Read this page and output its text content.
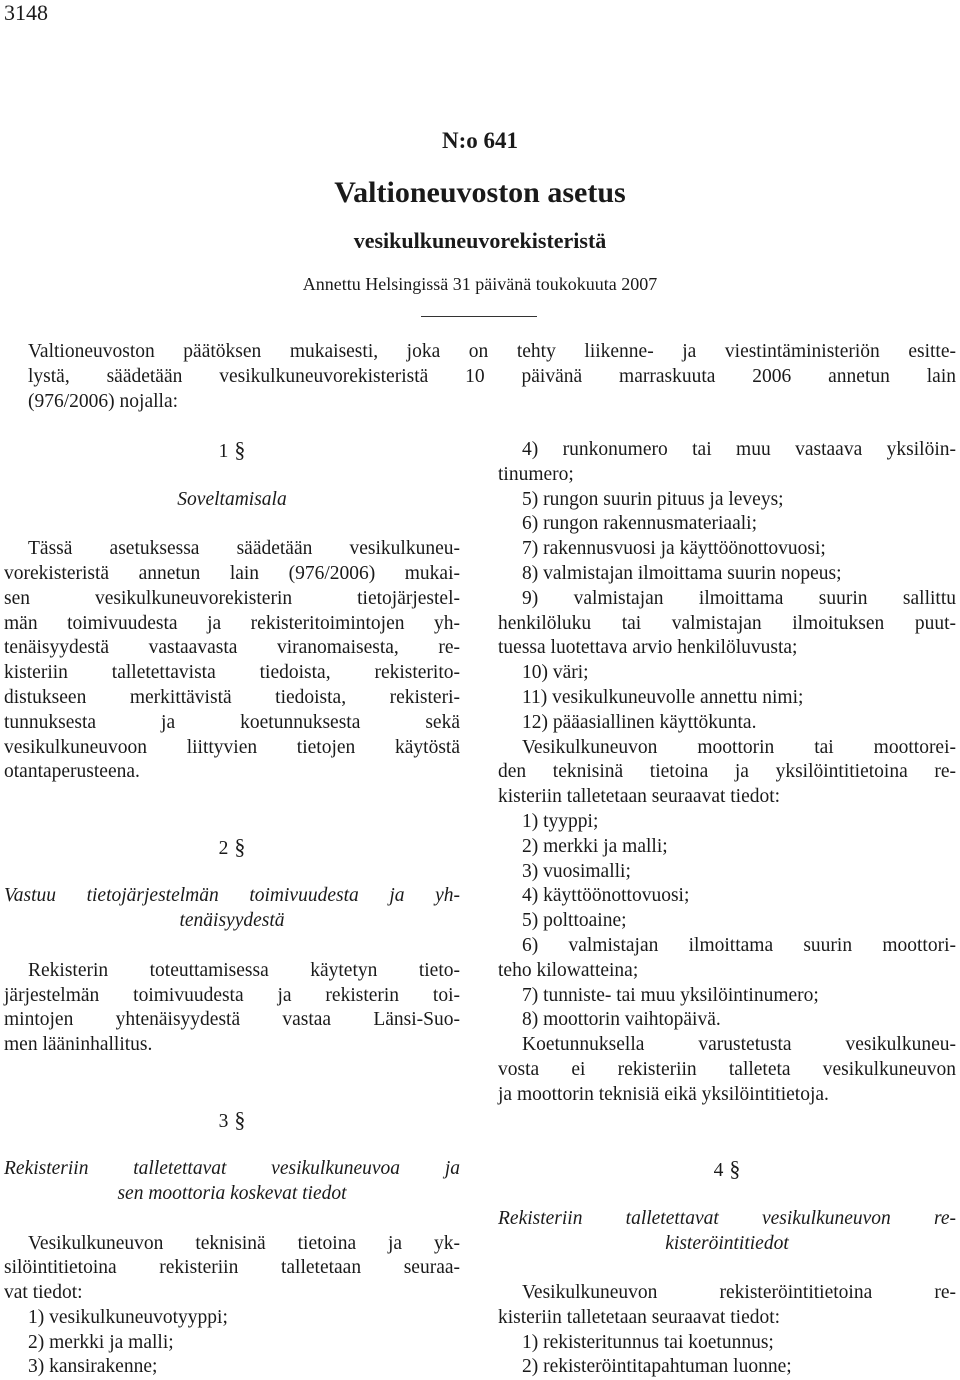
3148
N:o 641
Valtioneuvoston asetus
vesikulkuneuvorekisteristä
Annettu Helsingissä 31 päivänä toukokuuta 2007
Valtioneuvoston päätöksen mukaisesti, joka on tehty liikenne- ja viestintäministeriön esitte-
lystä, säädetään vesikulkuneuvorekisteristä 10 päivänä marraskuuta 2006 annetun lain
(976/2006) nojalla:
1 §
Soveltamisala
Tässä asetuksessa säädetään vesikulkuneu-
vorekisteristä annetun lain (976/2006) mukai-
sen vesikulkuneuvorekisterin tietojärjestel-
män toimivuudesta ja rekisteritoimintojen yh-
tenäisyydestä vastaavasta viranomaisesta, re-
kisteriin talletettavista tiedoista, rekisterito-
distukseen merkittävistä tiedoista, rekisteri-
tunnuksesta ja koetunnuksesta sekä
vesikulkuneuvoon liittyvien tietojen käytöstä
otantaperusteena.
2 §
Vastuu tietojärjestelmän toimivuudesta ja yh-
tenäisyydestä
Rekisterin toteuttamisessa käytetyn tieto-
järjestelmän toimivuudesta ja rekisterin toi-
mintojen yhtenäisyydestä vastaa Länsi-Suo-
men lääninhallitus.
3 §
Rekisteriin talletettavat vesikulkuneuvoa ja
sen moottoria koskevat tiedot
Vesikulkuneuvon teknisinä tietoina ja yk-
silöintitietoina rekisteriin talletetaan seuraa-
vat tiedot:
1) vesikulkuneuvotyyppi;
2) merkki ja malli;
3) kansirakenne;
4) runkonumero tai muu vastaava yksilöin-
tinumero;
5) rungon suurin pituus ja leveys;
6) rungon rakennusmateriaali;
7) rakennusvuosi ja käyttöönottovuosi;
8) valmistajan ilmoittama suurin nopeus;
9) valmistajan ilmoittama suurin sallittu
henkilöluku tai valmistajan ilmoituksen puut-
tuessa luotettava arvio henkilöluvusta;
10) väri;
11) vesikulkuneuvolle annettu nimi;
12) pääasiallinen käyttökunta.
Vesikulkuneuvon moottorin tai moottorei-
den teknisinä tietoina ja yksilöintitietoina re-
kisteriin talletetaan seuraavat tiedot:
1) tyyppi;
2) merkki ja malli;
3) vuosimalli;
4) käyttöönottovuosi;
5) polttoaine;
6) valmistajan ilmoittama suurin moottori-
teho kilowatteina;
7) tunniste- tai muu yksilöintinumero;
8) moottorin vaihtopäivä.
Koetunnuksella varustetusta vesikulkuneu-
vosta ei rekisteriin talleteta vesikulkuneuvon
ja moottorin teknisiä eikä yksilöintitietoja.
4 §
Rekisteriin talletettavat vesikulkuneuvon re-
kisteröintitiedot
Vesikulkuneuvon rekisteröintitietoina re-
kisteriin talletetaan seuraavat tiedot:
1) rekisteritunnus tai koetunnus;
2) rekisteröintitapahtuman luonne;
